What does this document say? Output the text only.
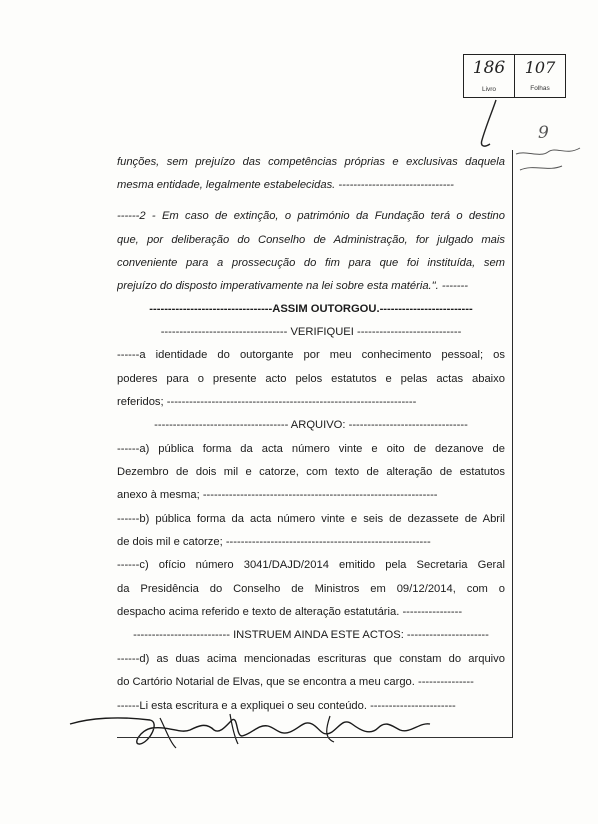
186
Livro
107
Folhas
9
funções, sem prejuízo das competências próprias e exclusivas daquela
mesma entidade, legalmente estabelecidas. -------------------------------
------2 - Em caso de extinção, o património da Fundação terá o destino
que, por deliberação do Conselho de Administração, for julgado mais
conveniente para a prossecução do fim para que foi instituída, sem
prejuízo do disposto imperativamente na lei sobre esta matéria.". -------
---------------------------------ASSIM OUTORGOU.-------------------------
---------------------------------- VERIFIQUEI ----------------------------
------a identidade do outorgante por meu conhecimento pessoal; os
poderes para o presente acto pelos estatutos e pelas actas abaixo
referidos; -------------------------------------------------------------------
------------------------------------ ARQUIVO: --------------------------------
------a) pública forma da acta número vinte e oito de dezanove de
Dezembro de dois mil e catorze, com texto de alteração de estatutos
anexo à mesma; ---------------------------------------------------------------
------b) pública forma da acta número vinte e seis de dezassete de Abril
de dois mil e catorze; -------------------------------------------------------
------c) ofício número 3041/DAJD/2014 emitido pela Secretaria Geral
da Presidência do Conselho de Ministros em 09/12/2014, com o
despacho acima referido e texto de alteração estatutária. ----------------
-------------------------- INSTRUEM AINDA ESTE ACTOS: ----------------------
------d) as duas acima mencionadas escrituras que constam do arquivo
do Cartório Notarial de Elvas, que se encontra a meu cargo. ---------------
------Li esta escritura e a expliquei o seu conteúdo. -----------------------
